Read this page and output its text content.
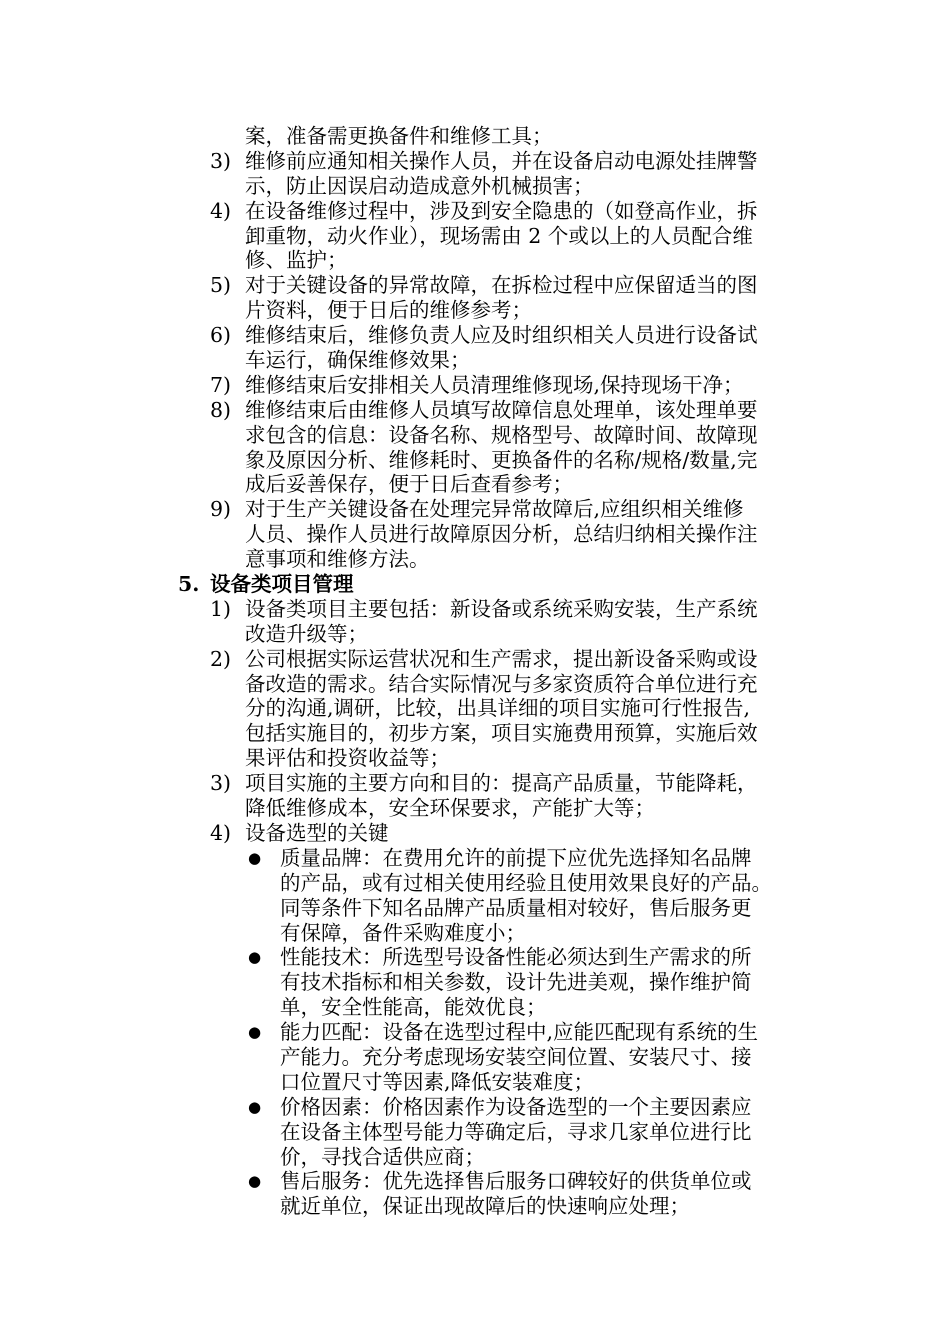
案，准备需更换备件和维修工具；
3) 维修前应通知相关操作人员，并在设备启动电源处挂牌警
示，防止因误启动造成意外机械损害；
4) 在设备维修过程中，涉及到安全隐患的（如登高作业，拆
卸重物，动火作业），现场需由 2 个或以上的人员配合维
修、监护；
5) 对于关键设备的异常故障，在拆检过程中应保留适当的图
片资料，便于日后的维修参考；
6) 维修结束后，维修负责人应及时组织相关人员进行设备试
车运行，确保维修效果；
7) 维修结束后安排相关人员清理维修现场,保持现场干净；
8) 维修结束后由维修人员填写故障信息处理单，该处理单要
求包含的信息：设备名称、规格型号、故障时间、故障现
象及原因分析、维修耗时、更换备件的名称/规格/数量,完
成后妥善保存，便于日后查看参考；
9) 对于生产关键设备在处理完异常故障后,应组织相关维修
人员、操作人员进行故障原因分析，总结归纳相关操作注
意事项和维修方法。
5. 设备类项目管理
1) 设备类项目主要包括：新设备或系统采购安装，生产系统
改造升级等；
2) 公司根据实际运营状况和生产需求，提出新设备采购或设
备改造的需求。结合实际情况与多家资质符合单位进行充
分的沟通,调研，比较，出具详细的项目实施可行性报告,
包括实施目的，初步方案，项目实施费用预算，实施后效
果评估和投资收益等；
3) 项目实施的主要方向和目的：提高产品质量，节能降耗，
降低维修成本，安全环保要求，产能扩大等；
4) 设备选型的关键
● 质量品牌：在费用允许的前提下应优先选择知名品牌
的产品，或有过相关使用经验且使用效果良好的产品。
同等条件下知名品牌产品质量相对较好，售后服务更
有保障，备件采购难度小；
● 性能技术：所选型号设备性能必须达到生产需求的所
有技术指标和相关参数，设计先进美观，操作维护简
单，安全性能高，能效优良；
● 能力匹配：设备在选型过程中,应能匹配现有系统的生
产能力。充分考虑现场安装空间位置、安装尺寸、接
口位置尺寸等因素,降低安装难度；
● 价格因素：价格因素作为设备选型的一个主要因素应
在设备主体型号能力等确定后，寻求几家单位进行比
价，寻找合适供应商；
● 售后服务：优先选择售后服务口碑较好的供货单位或
就近单位，保证出现故障后的快速响应处理；
